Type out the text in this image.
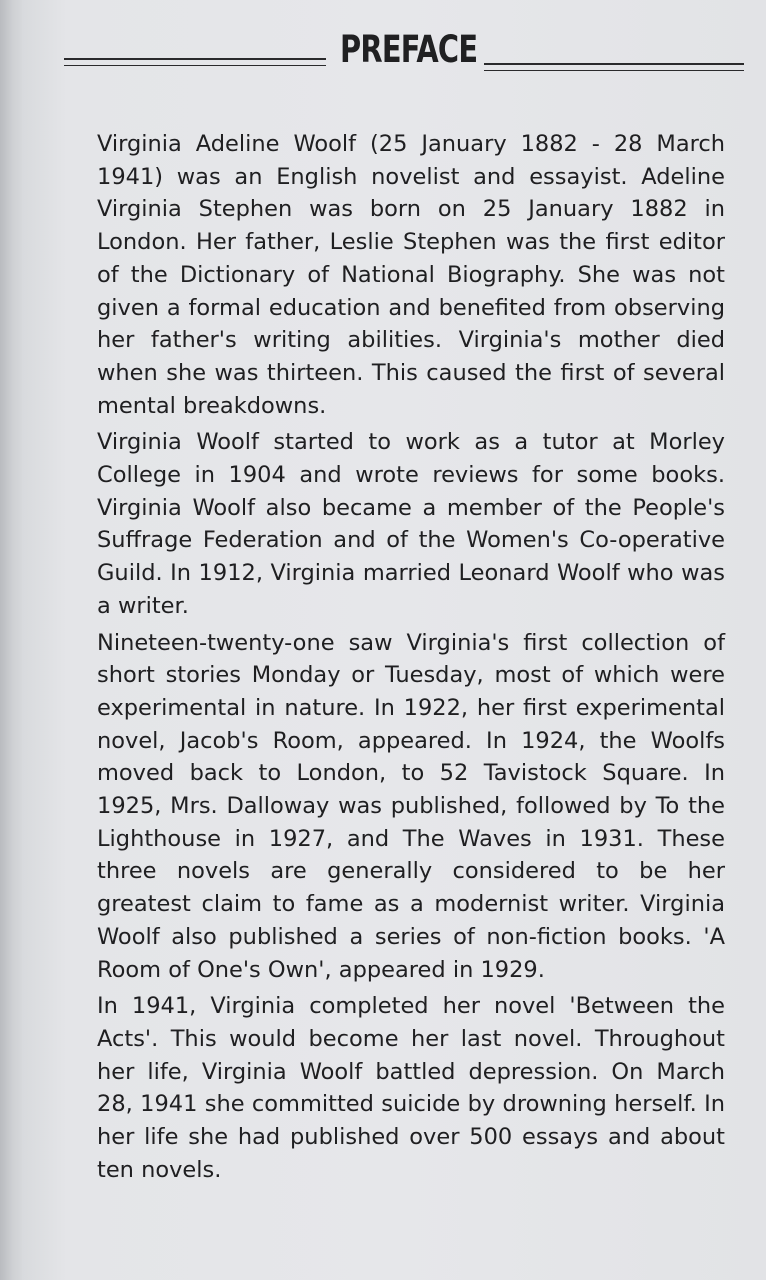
PREFACE

Virginia Adeline Woolf (25 January 1882 - 28 March 1941) was an English novelist and essayist. Adeline Virginia Stephen was born on 25 January 1882 in London. Her father, Leslie Stephen was the first editor of the Dictionary of National Biography. She was not given a formal education and benefited from observing her father's writing abilities. Virginia's mother died when she was thirteen. This caused the first of several mental breakdowns.

Virginia Woolf started to work as a tutor at Morley College in 1904 and wrote reviews for some books. Virginia Woolf also became a member of the People's Suffrage Federation and of the Women's Co-operative Guild. In 1912, Virginia married Leonard Woolf who was a writer.

Nineteen-twenty-one saw Virginia's first collection of short stories Monday or Tuesday, most of which were experimental in nature. In 1922, her first experimental novel, Jacob's Room, appeared. In 1924, the Woolfs moved back to London, to 52 Tavistock Square. In 1925, Mrs. Dalloway was published, followed by To the Lighthouse in 1927, and The Waves in 1931. These three novels are generally considered to be her greatest claim to fame as a modernist writer. Virginia Woolf also published a series of non-fiction books. 'A Room of One's Own', appeared in 1929.

In 1941, Virginia completed her novel 'Between the Acts'. This would become her last novel. Throughout her life, Virginia Woolf battled depression. On March 28, 1941 she committed suicide by drowning herself. In her life she had published over 500 essays and about ten novels.
